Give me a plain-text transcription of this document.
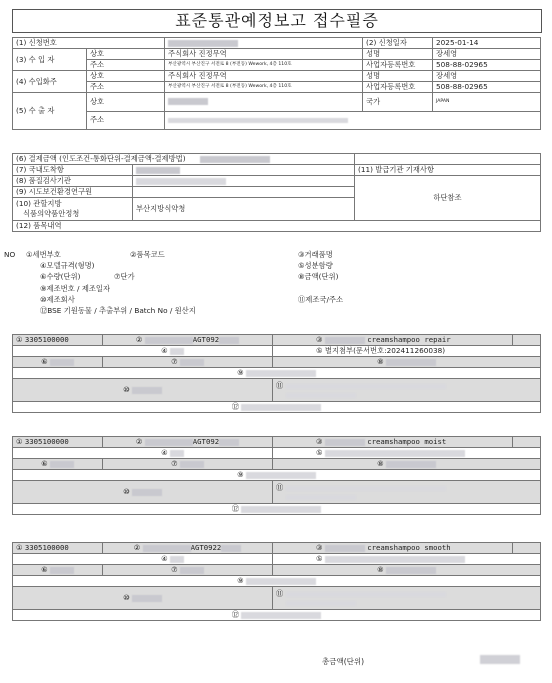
표준통관예정보고 접수필증
(1) 신청번호			(2) 신청일자	2025-01-14
(3) 수 입 자	상호	주식회사 진정무역	성명	장세영
	주소	부산광역시 부산진구 서전로 8 (부전동) Wework, 4층 110호	사업자등록번호	508-88-02965
(4) 수입화주	상호	주식회사 진정무역	성명	장세영
	주소	부산광역시 부산진구 서전로 8 (부전동) Wework, 4층 110호	사업자등록번호	508-88-02965
(5) 수 출 자	상호		국가	JAPAN
	주소			
(6) 결제금액 (인도조건-통화단위-결제금액-결제방법)		
(7) 국내도착항		(11) 발급기관 기재사항
(8) 품질검사기관		하단참조
(9) 시도보건환경연구원		
(10) 관할지방
식품의약품안정청	부산지방식약청	
(12) 품목내역		
NO ①세번부호	②품목코드	③거래품명
④모델규격(형명)	⑤성분함량
⑥수량(단위)	⑦단가	⑧금액(단위)
⑨제조번호 / 제조일자
⑩제조회사	⑪제조국/주소
⑫BSE 기원동물 / 추출부위 / Batch No / 원산지
① 3305100000	② AGT092	③ creamshampoo repair	
④		⑤ 별지첨부(문서번호:202411260038)	
⑥	⑦	⑧	
⑨			
⑩		⑪	

⑫			
① 3305100000	② AGT092	③ creamshampoo moist	
④		⑤	
⑥	⑦	⑧	
⑨			
⑩		⑪	

⑫			
① 3305100000	② AGT0922	③ creamshampoo smooth	
④		⑤	
⑥	⑦	⑧	
⑨			
⑩		⑪	

⑫			
총금액(단위)
